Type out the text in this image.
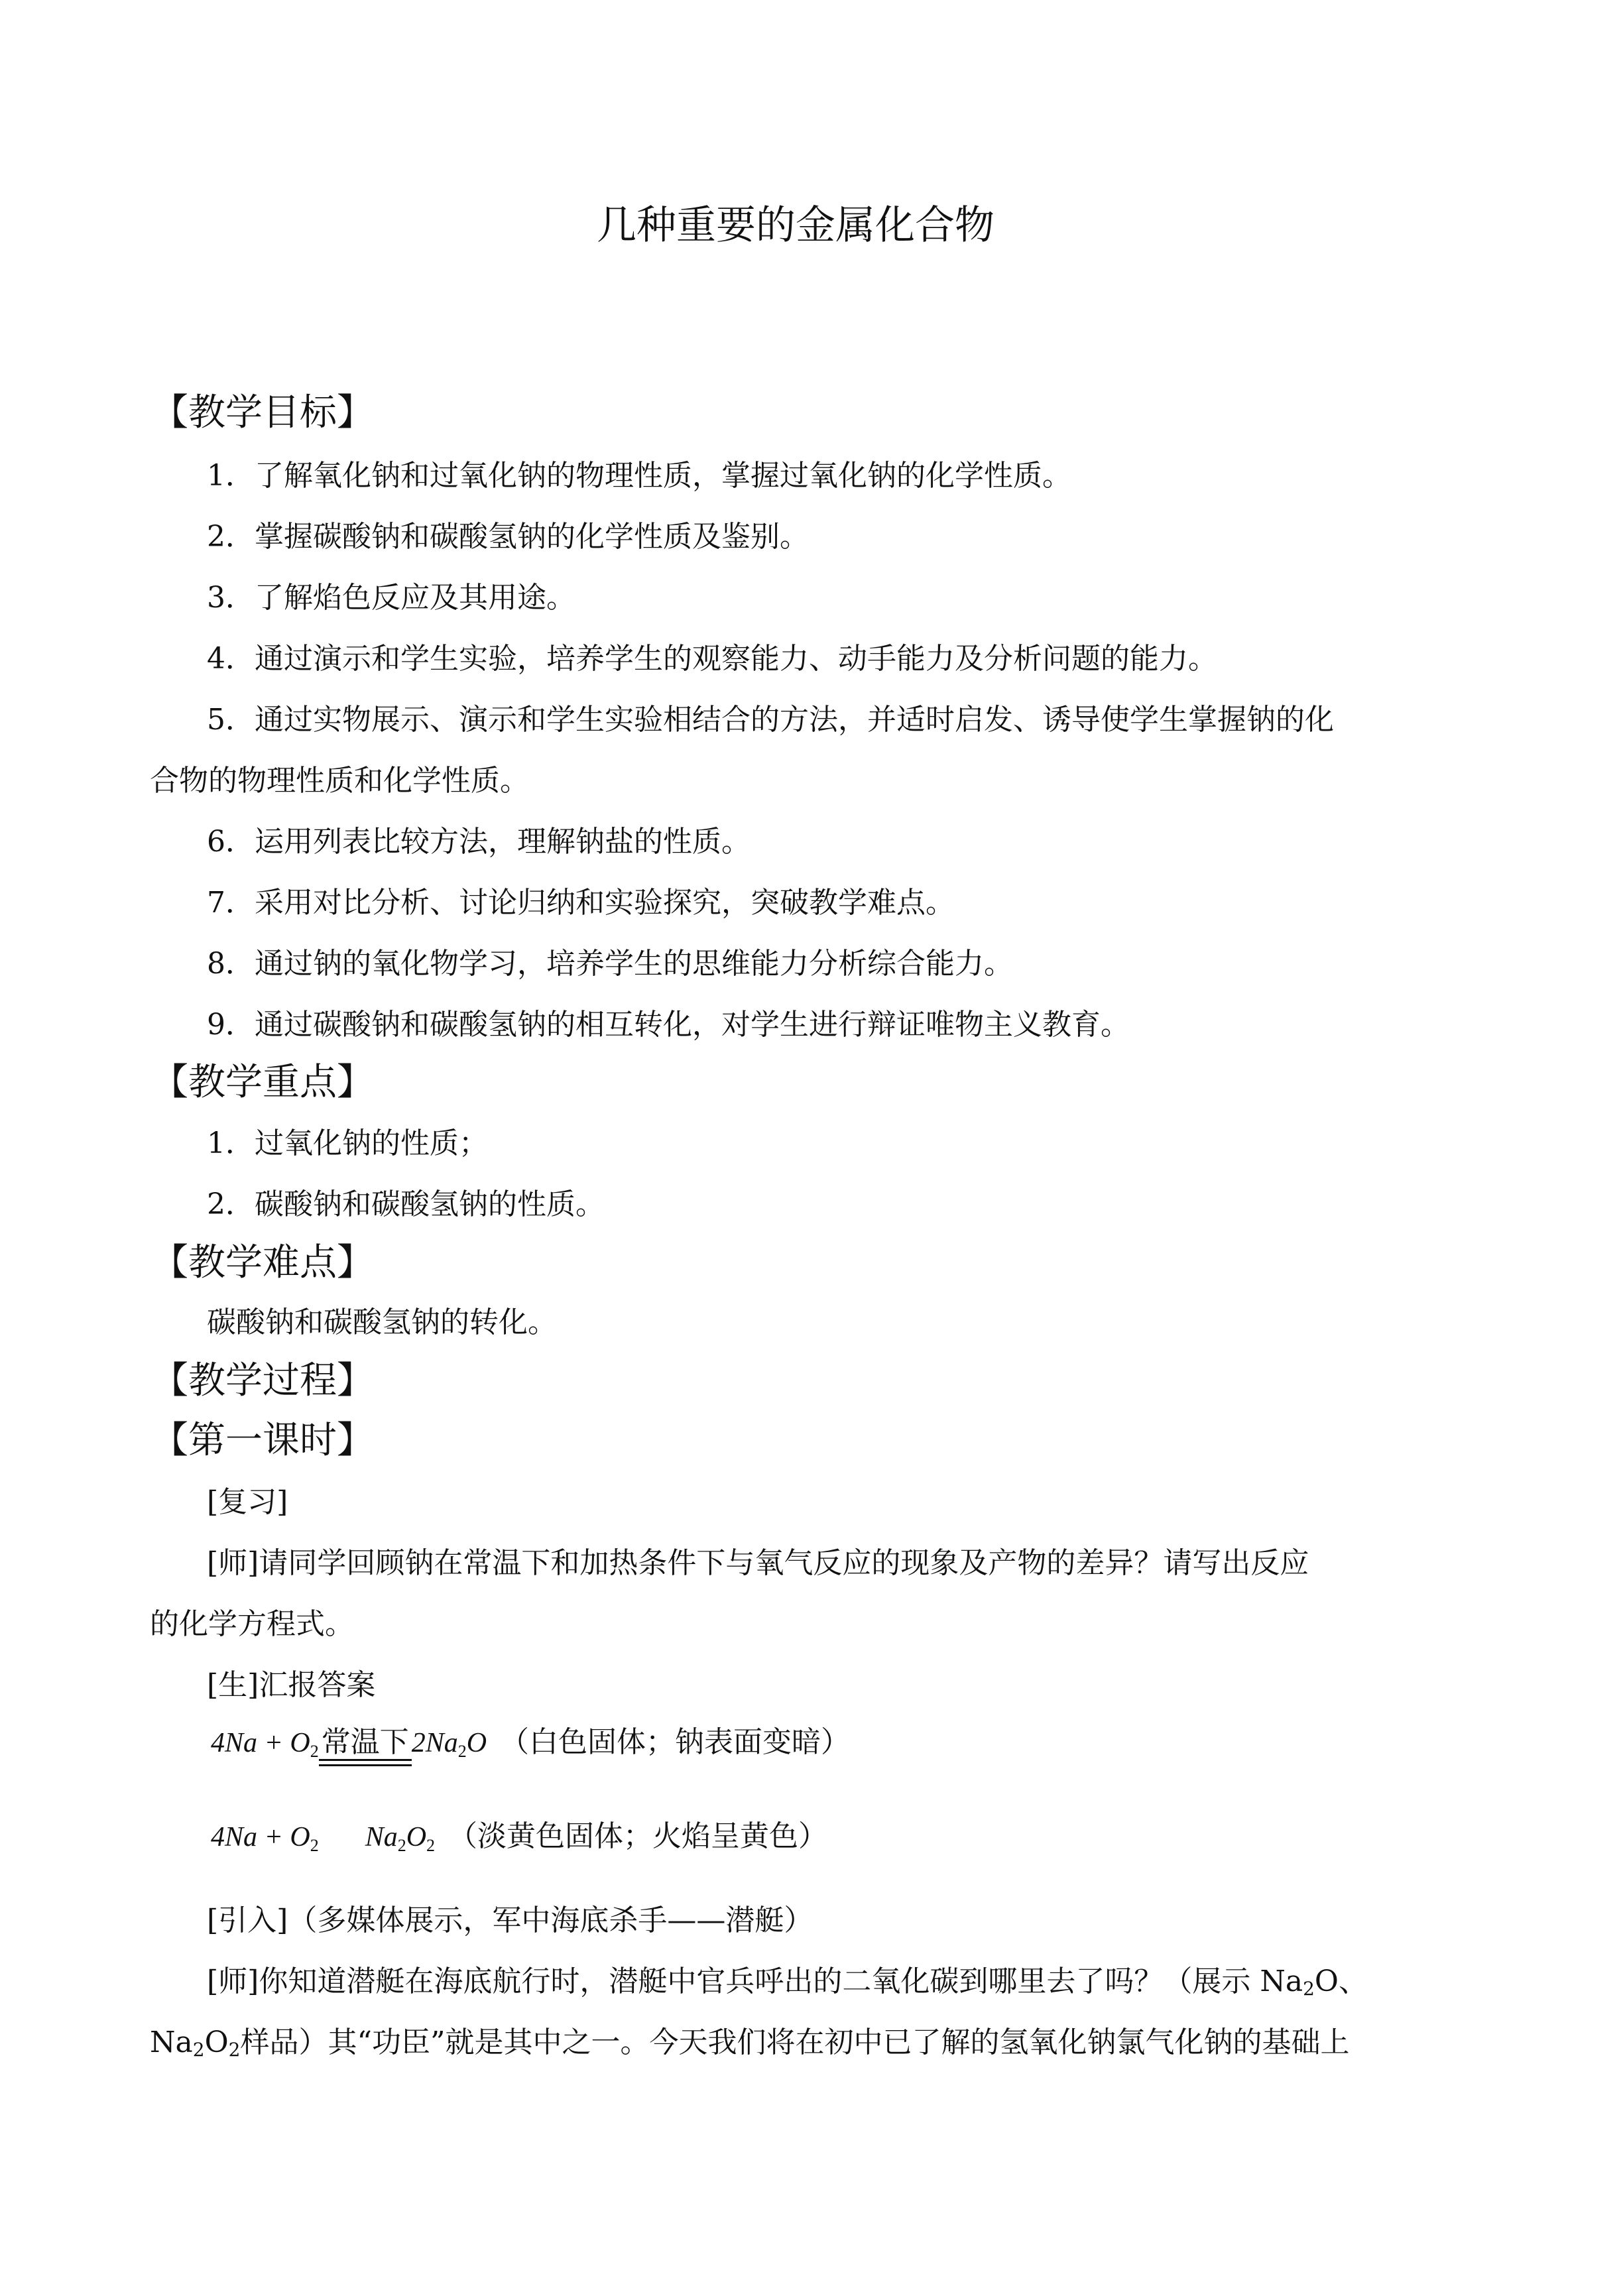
几种重要的金属化合物
【教学目标】
1．了解氧化钠和过氧化钠的物理性质，掌握过氧化钠的化学性质。
2．掌握碳酸钠和碳酸氢钠的化学性质及鉴别。
3．了解焰色反应及其用途。
4．通过演示和学生实验，培养学生的观察能力、动手能力及分析问题的能力。
5．通过实物展示、演示和学生实验相结合的方法，并适时启发、诱导使学生掌握钠的化
合物的物理性质和化学性质。
6．运用列表比较方法，理解钠盐的性质。
7．采用对比分析、讨论归纳和实验探究，突破教学难点。
8．通过钠的氧化物学习，培养学生的思维能力分析综合能力。
9．通过碳酸钠和碳酸氢钠的相互转化，对学生进行辩证唯物主义教育。
【教学重点】
1．过氧化钠的性质；
2．碳酸钠和碳酸氢钠的性质。
【教学难点】
碳酸钠和碳酸氢钠的转化。
【教学过程】
【第一课时】
[复习]
[师]请同学回顾钠在常温下和加热条件下与氧气反应的现象及产物的差异？请写出反应
的化学方程式。
[生]汇报答案
$4Na + O_2$常温下$2Na_2O$ （白色固体；钠表面变暗）
$4Na + O_2$ $Na_2O_2$ （淡黄色固体；火焰呈黄色）
[引入]（多媒体展示，军中海底杀手——潜艇）
[师]你知道潜艇在海底航行时，潜艇中官兵呼出的二氧化碳到哪里去了吗？（展示 $Na_2O$、
$Na_2O_2$样品）其“功臣”就是其中之一。今天我们将在初中已了解的氢氧化钠氯气化钠的基础上
